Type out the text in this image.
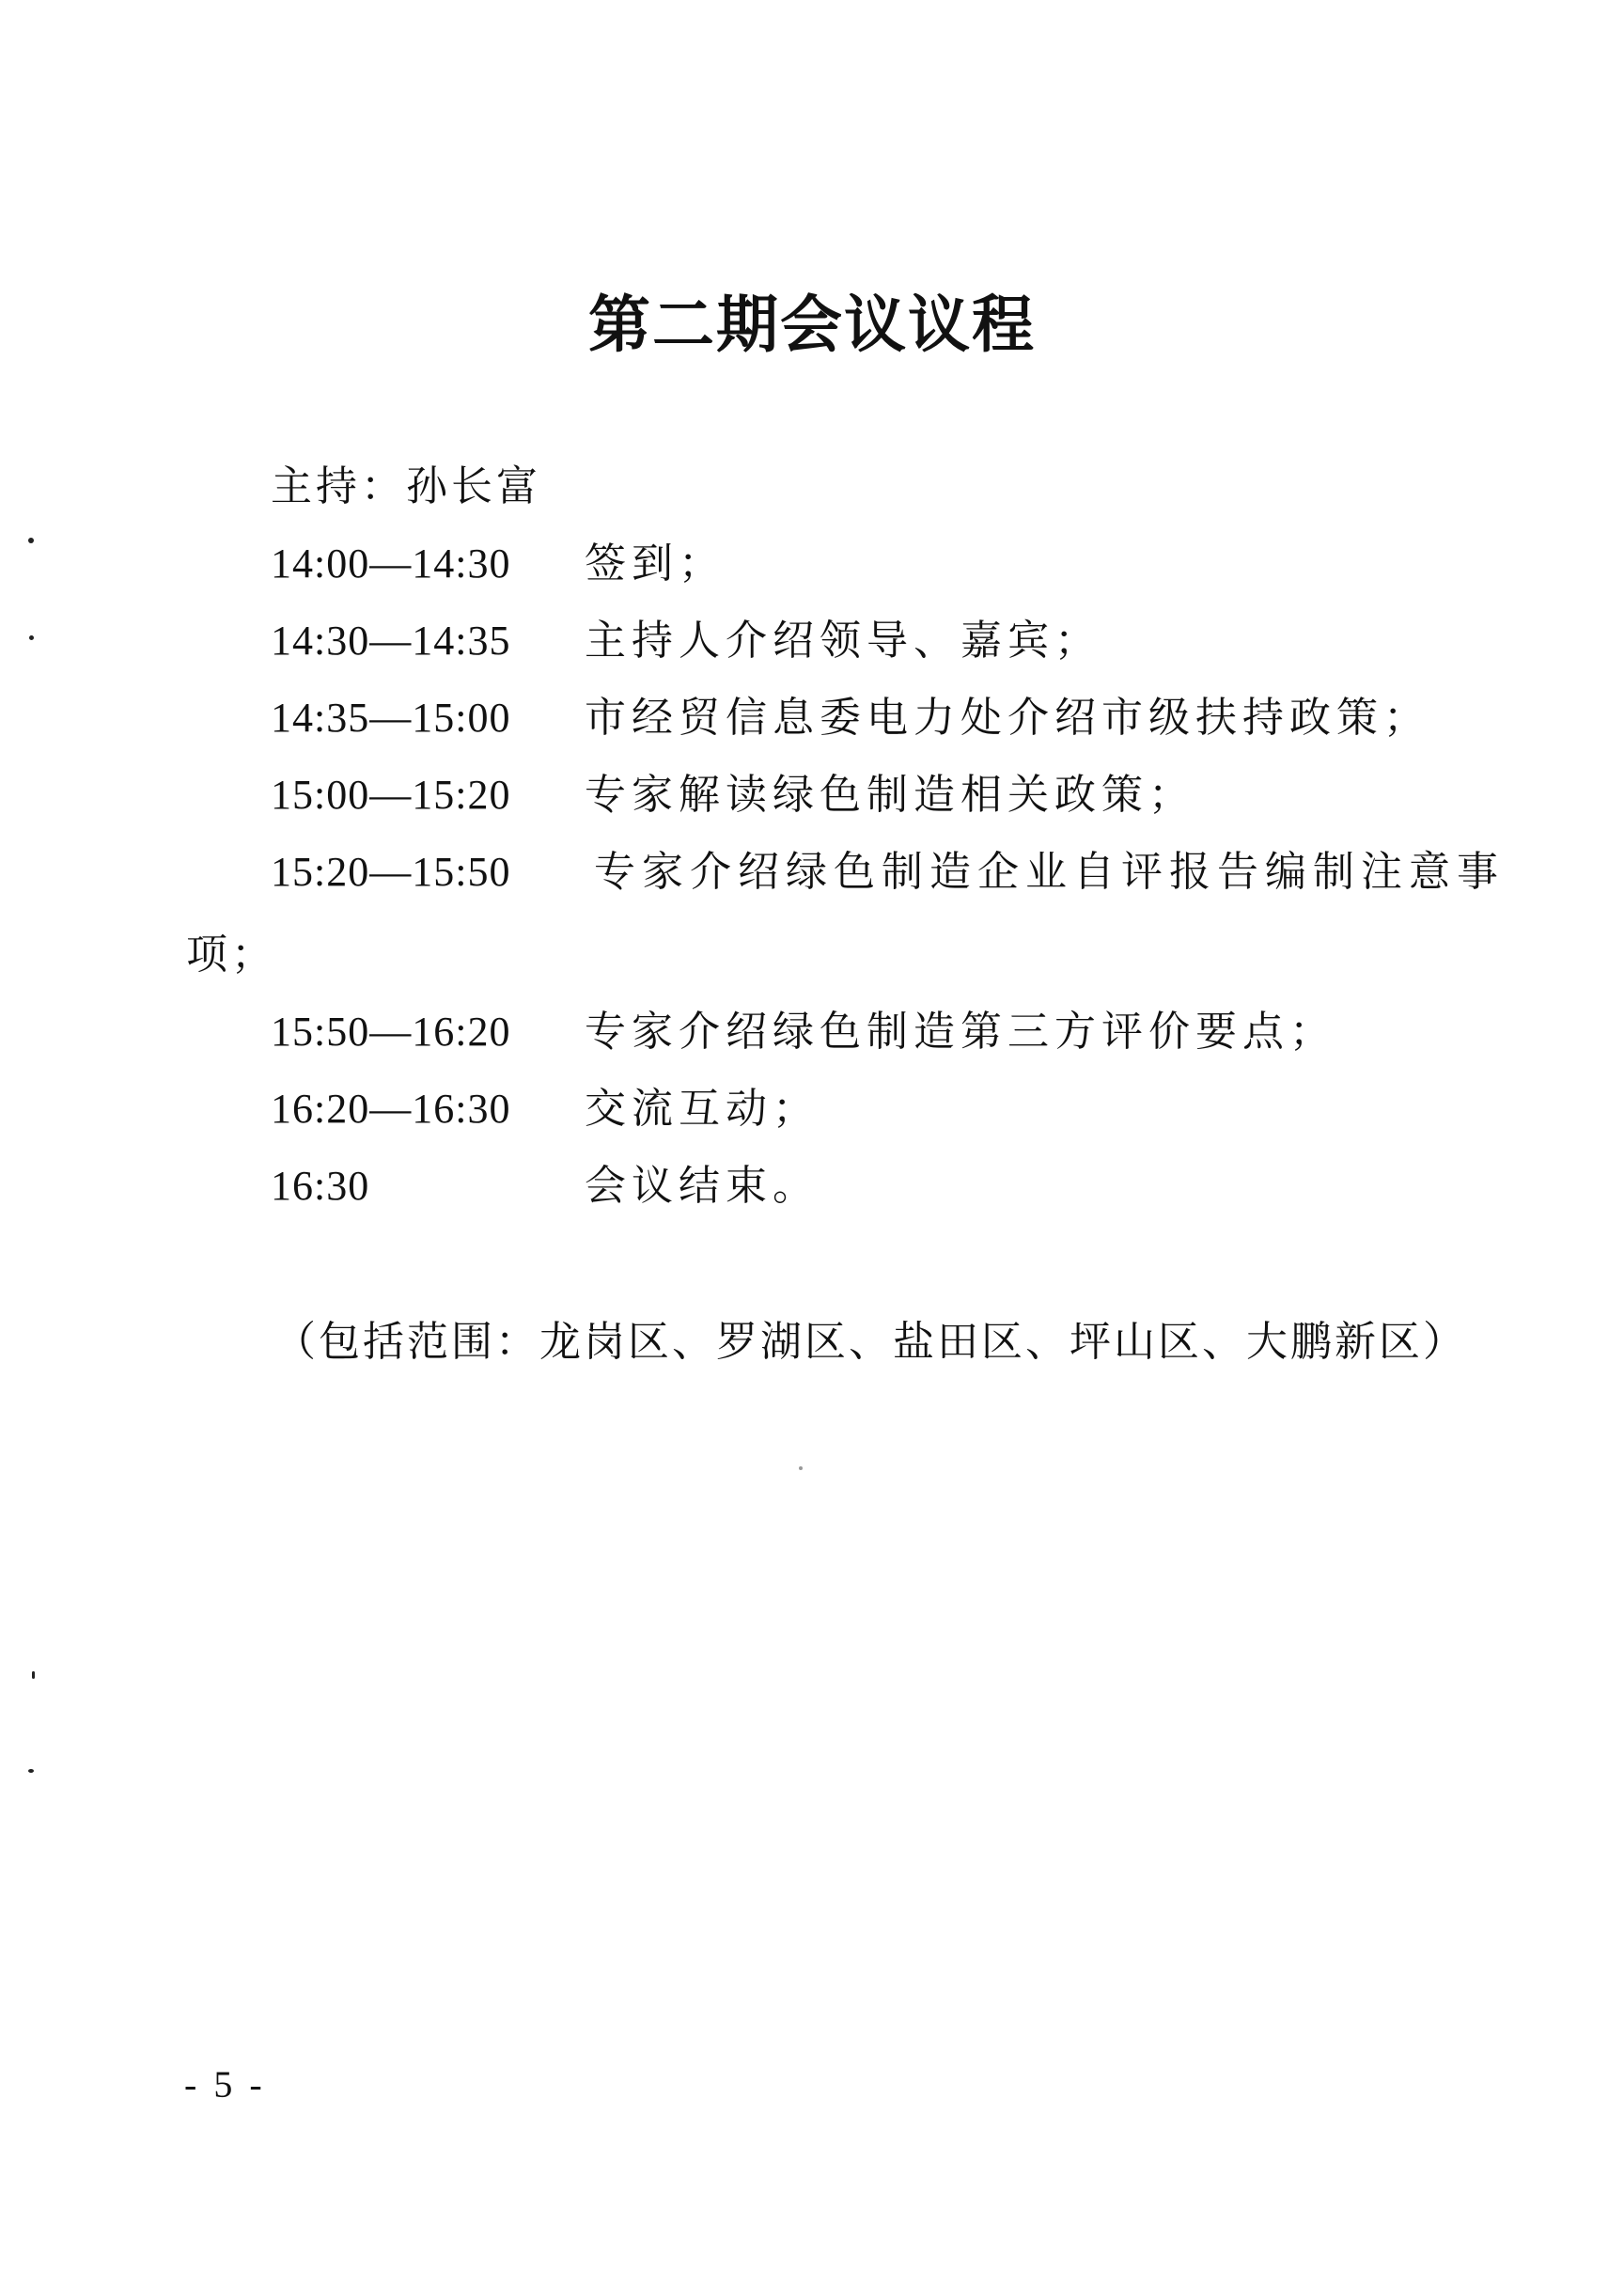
第二期会议议程
主持：孙长富
14:00—14:30 签到；
14:30—14:35 主持人介绍领导、嘉宾；
14:35—15:00 市经贸信息委电力处介绍市级扶持政策；
15:00—15:20 专家解读绿色制造相关政策；
15:20—15:50 专家介绍绿色制造企业自评报告编制注意事
项；
15:50—16:20 专家介绍绿色制造第三方评价要点；
16:20—16:30 交流互动；
16:30	会议结束。
（包括范围：龙岗区、罗湖区、盐田区、坪山区、大鹏新区）
- 5 -
